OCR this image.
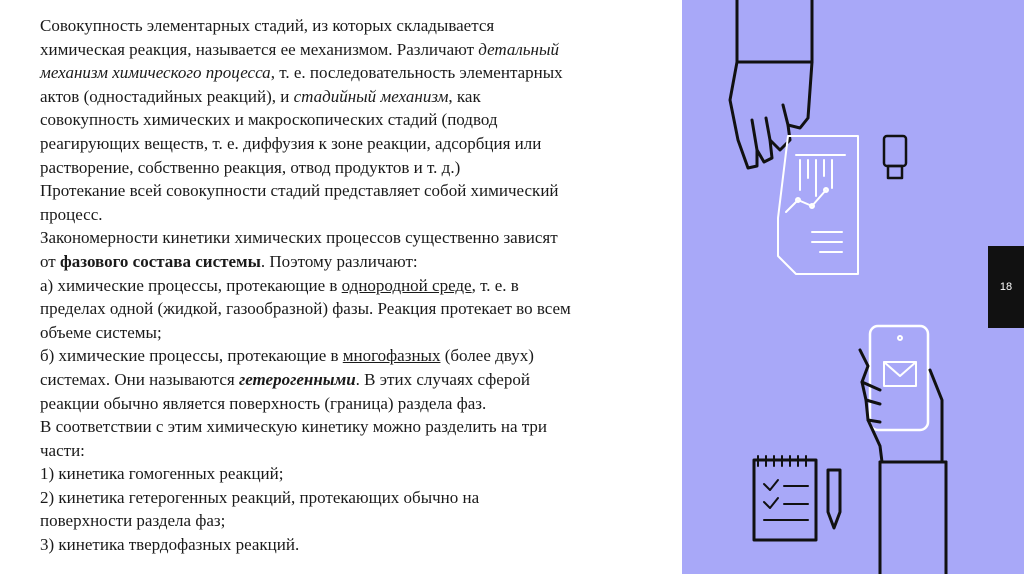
Совокупность элементарных стадий, из которых складывается
химическая реакция, называется ее механизмом. Различают детальный
механизм химического процесса, т. е. последовательность элементарных
актов (одностадийных реакций), и стадийный механизм, как
совокупность химических и макроскопических стадий (подвод
реагирующих веществ, т. е. диффузия к зоне реакции, адсорбция или
растворение, собственно реакция, отвод продуктов и т. д.)
Протекание всей совокупности стадий представляет собой химический
процесс.
Закономерности кинетики химических процессов существенно зависят
от фазового состава системы. Поэтому различают:
а) химические процессы, протекающие в однородной среде, т. е. в
пределах одной (жидкой, газообразной) фазы. Реакция протекает во всем
объеме системы;
б) химические процессы, протекающие в многофазных (более двух)
системах. Они называются гетерогенными. В этих случаях сферой
реакции обычно является поверхность (граница) раздела фаз.
В соответствии с этим химическую кинетику можно разделить на три
части:
1) кинетика гомогенных реакций;
2) кинетика гетерогенных реакций, протекающих обычно на
поверхности раздела фаз;
3) кинетика твердофазных реакций.
18
